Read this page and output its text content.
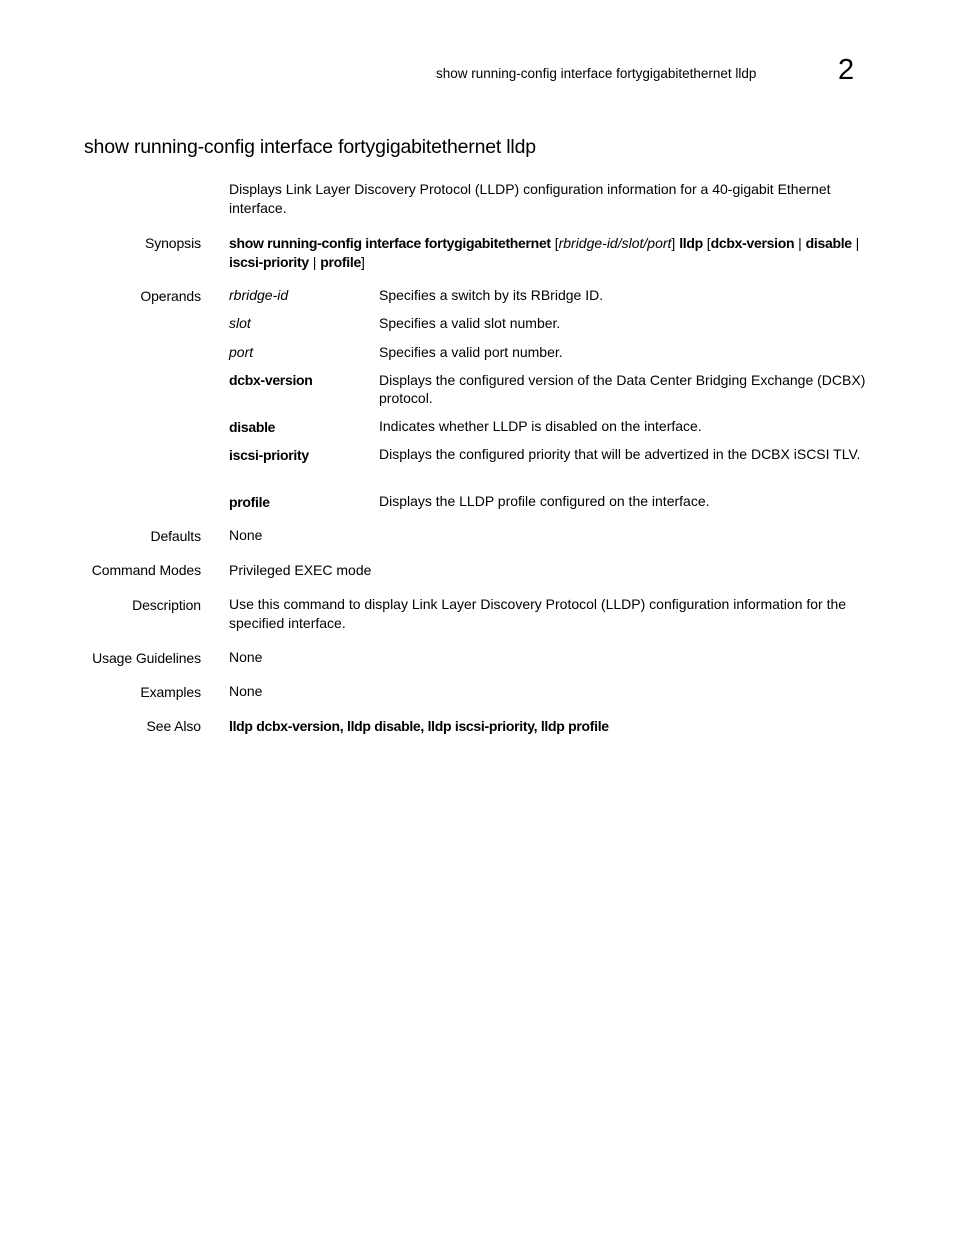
show running-config interface fortygigabitethernet lldp	2
show running-config interface fortygigabitethernet lldp
Displays Link Layer Discovery Protocol (LLDP) configuration information for a 40-gigabit Ethernet interface.
Synopsis show running-config interface fortygigabitethernet [rbridge-id/slot/port] lldp [dcbx-version | disable | iscsi-priority | profile]
Operands rbridge-id	Specifies a switch by its RBridge ID.
slot	Specifies a valid slot number.
port	Specifies a valid port number.
dcbx-version	Displays the configured version of the Data Center Bridging Exchange (DCBX) protocol.
disable	Indicates whether LLDP is disabled on the interface.
iscsi-priority	Displays the configured priority that will be advertized in the DCBX iSCSI TLV.
profile	Displays the LLDP profile configured on the interface.
Defaults None
Command Modes Privileged EXEC mode
Description Use this command to display Link Layer Discovery Protocol (LLDP) configuration information for the specified interface.
Usage Guidelines None
Examples None
See Also lldp dcbx-version, lldp disable, lldp iscsi-priority, lldp profile
